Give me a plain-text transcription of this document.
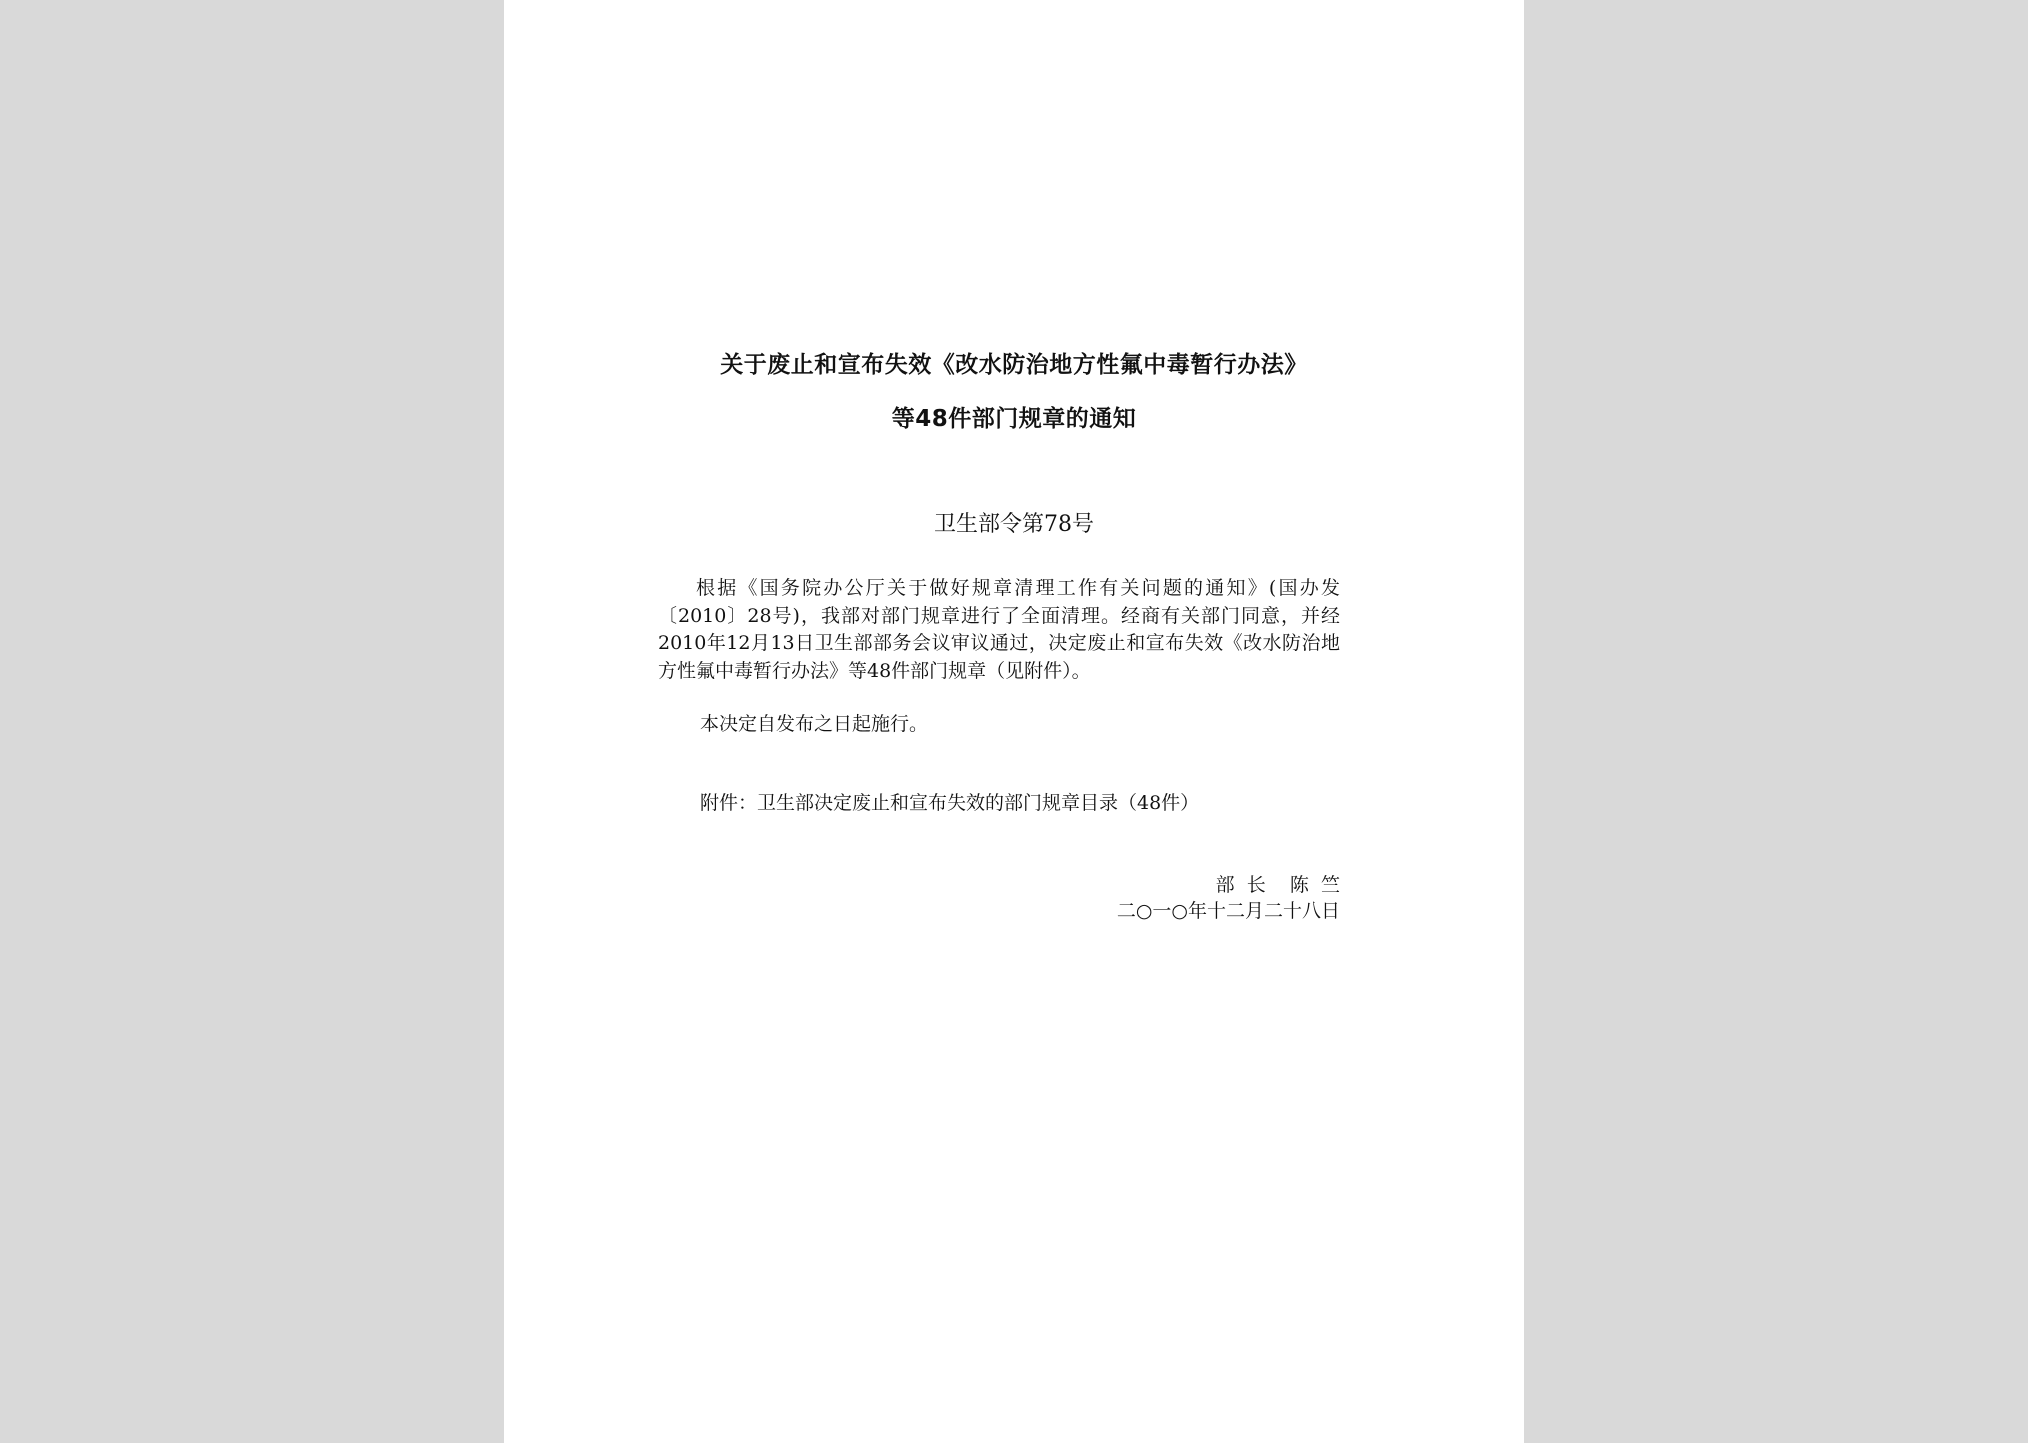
关于废止和宣布失效《改水防治地方性氟中毒暂行办法》
等48件部门规章的通知
卫生部令第78号

根据《国务院办公厅关于做好规章清理工作有关问题的通知》(国办发〔2010〕28号)，我部对部门规章进行了全面清理。经商有关部门同意，并经2010年12月13日卫生部部务会议审议通过，决定废止和宣布失效《改水防治地方性氟中毒暂行办法》等48件部门规章（见附件）。

本决定自发布之日起施行。
附件：卫生部决定废止和宣布失效的部门规章目录（48件）
部  长    陈  竺
二○一○年十二月二十八日
